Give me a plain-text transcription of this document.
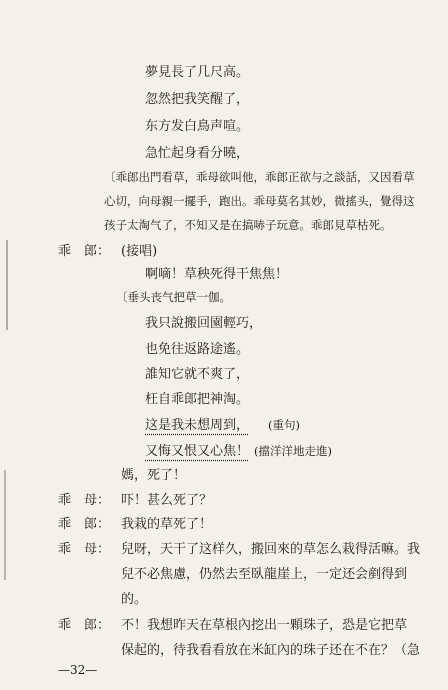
夢見長了几尺高。
忽然把我笑醒了，
东方发白鳥声喧。
急忙起身看分曉，
〔乖郎出門看草，乖母欲叫他，乖郎正欲与之談話，又因看草
心切，向母親一擺手，跑出。乖母莫名其妙，微搖头，覺得这
孩子太淘气了，不知又是在搞哧子玩意。乖郎見草枯死。
乖　郎： (接唱)
啊嘀！草秧死得干焦焦！
〔垂头丧气把草一伽。
我只說搬回園輕巧，
也免往返路途遙。
誰知它就不爽了，
枉自乖郎把神淘。
这是我未想周到， (重句)
又悔又恨又心焦！ (擋洋洋地走進)
媽，死了！
乖　母： 吓！甚么死了？
乖　郎： 我栽的草死了！
乖　母： 兒呀，天干了这样久，搬回來的草怎么栽得活嘛。我
兒不必焦慮，仍然去至臥龍崖上，一定还会剷得到
的。
乖　郎： 不！我想昨天在草根內挖出一顆珠子，恐是它把草
保起的，待我看看放在米缸內的珠子还在不在？（急
—32—
